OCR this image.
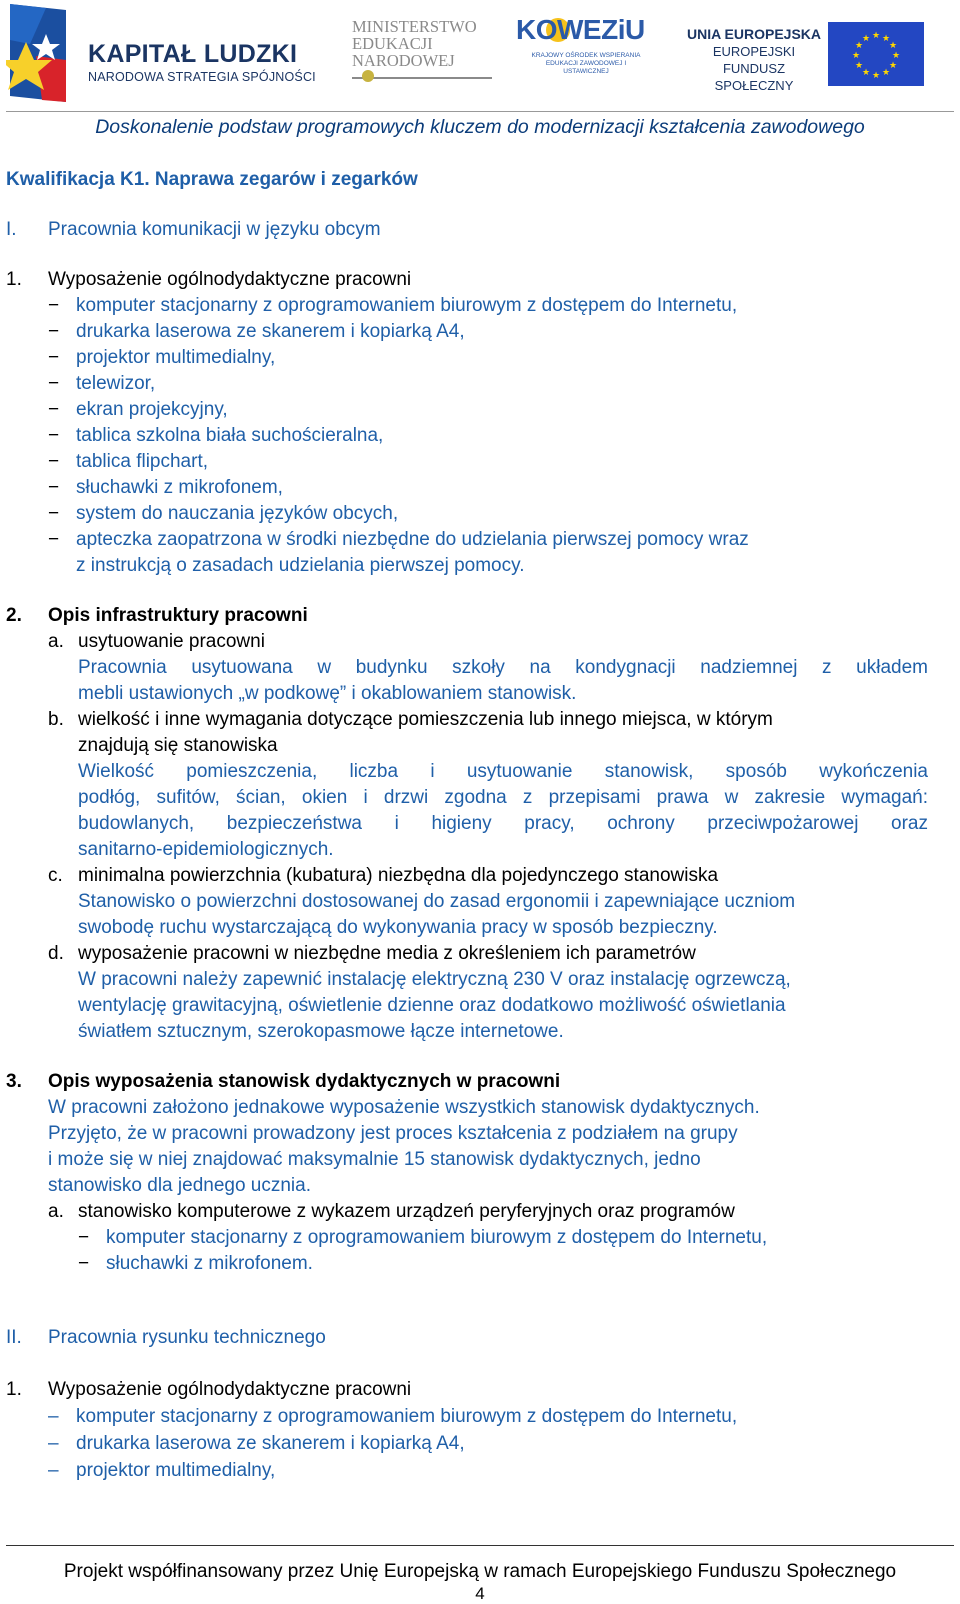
KAPITAŁ LUDZKI
NARODOWA STRATEGIA SPÓJNOŚCI
MINISTERSTWO
EDUKACJI
NARODOWEJ
KOWEZiU
KRAJOWY OŚRODEK WSPIERANIA EDUKACJI ZAWODOWEJ I USTAWICZNEJ
UNIA EUROPEJSKA
EUROPEJSKI
FUNDUSZ SPOŁECZNY
★ ★
★
★
★
★
★
★
★
★
★
★
Doskonalenie podstaw programowych kluczem do modernizacji kształcenia zawodowego
Kwalifikacja K1. Naprawa zegarów i zegarków
I. Pracownia komunikacji w języku obcym
1. Wyposażenie ogólnodydaktyczne pracowni
− komputer stacjonarny z oprogramowaniem biurowym z dostępem do Internetu,
− drukarka laserowa ze skanerem i kopiarką A4,
− projektor multimedialny,
− telewizor,
− ekran projekcyjny,
− tablica szkolna biała suchościeralna,
− tablica flipchart,
− słuchawki z mikrofonem,
− system do nauczania języków obcych,
− apteczka zaopatrzona w środki niezbędne do udzielania pierwszej pomocy wraz
z instrukcją o zasadach udzielania pierwszej pomocy.
2. Opis infrastruktury pracowni
a. usytuowanie pracowni
Pracownia usytuowana w budynku szkoły na kondygnacji nadziemnej z układem
mebli ustawionych „w podkowę” i okablowaniem stanowisk.
b. wielkość i inne wymagania dotyczące pomieszczenia lub innego miejsca, w którym
znajdują się stanowiska
Wielkość pomieszczenia, liczba i usytuowanie stanowisk, sposób wykończenia
podłóg, sufitów, ścian, okien i drzwi zgodna z przepisami prawa w zakresie wymagań:
budowlanych, bezpieczeństwa i higieny pracy, ochrony przeciwpożarowej oraz
sanitarno-epidemiologicznych.
c. minimalna powierzchnia (kubatura) niezbędna dla pojedynczego stanowiska
Stanowisko o powierzchni dostosowanej do zasad ergonomii i zapewniające uczniom
swobodę ruchu wystarczającą do wykonywania pracy w sposób bezpieczny.
d. wyposażenie pracowni w niezbędne media z określeniem ich parametrów
W pracowni należy zapewnić instalację elektryczną 230 V oraz instalację ogrzewczą,
wentylację grawitacyjną, oświetlenie dzienne oraz dodatkowo możliwość oświetlania
światłem sztucznym, szerokopasmowe łącze internetowe.
3. Opis wyposażenia stanowisk dydaktycznych w pracowni
W pracowni założono jednakowe wyposażenie wszystkich stanowisk dydaktycznych.
Przyjęto, że w pracowni prowadzony jest proces kształcenia z podziałem na grupy
i może się w niej znajdować maksymalnie 15 stanowisk dydaktycznych, jedno
stanowisko dla jednego ucznia.
a. stanowisko komputerowe z wykazem urządzeń peryferyjnych oraz programów
− komputer stacjonarny z oprogramowaniem biurowym z dostępem do Internetu,
− słuchawki z mikrofonem.
II. Pracownia rysunku technicznego
1. Wyposażenie ogólnodydaktyczne pracowni
– komputer stacjonarny z oprogramowaniem biurowym z dostępem do Internetu,
– drukarka laserowa ze skanerem i kopiarką A4,
– projektor multimedialny,
Projekt współfinansowany przez Unię Europejską w ramach Europejskiego Funduszu Społecznego
4
